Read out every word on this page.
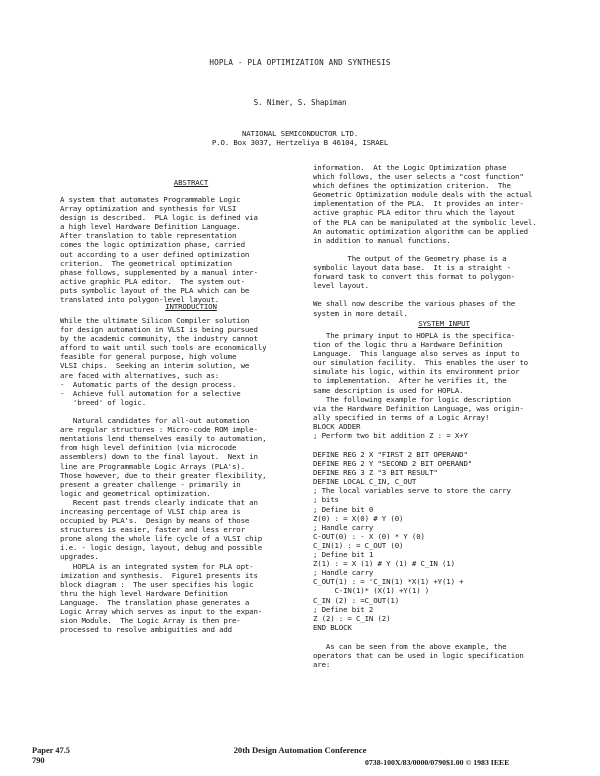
HOPLA - PLA OPTIMIZATION AND SYNTHESIS
S. Nimer, S. Shapiman
NATIONAL SEMICONDUCTOR LTD.
P.O. Box 3037, Hertzeliya B 46104, ISRAEL
ABSTRACT
A system that automates Programmable Logic
Array optimization and synthesis for VLSI
design is described.  PLA logic is defined via
a high level Hardware Definition Language.
After translation to table representation
comes the logic optimization phase, carried
out according to a user defined optimization
criterion.  The geometrical optimization
phase follows, supplemented by a manual inter-
active graphic PLA editor.  The system out-
puts symbolic layout of the PLA which can be
translated into polygon-level layout.
INTRODUCTION
While the ultimate Silicon Compiler solution
for design automation in VLSI is being pursued
by the academic community, the industry cannot
afford to wait until such tools are economically
feasible for general purpose, high volume
VLSI chips.  Seeking an interim solution, we
are faced with alternatives, such as:
-  Automatic parts of the design process.
-  Achieve full automation for a selective
'breed' of logic.

Natural candidates for all-out automation
are regular structures : Micro-code ROM imple-
mentations lend themselves easily to automation,
from high level definition (via microcode
assemblers) down to the final layout.  Next in
line are Programmable Logic Arrays (PLA's).
Those however, due to their greater flexibility,
present a greater challenge - primarily in
logic and geometrical optimization.
Recent past trends clearly indicate that an
increasing percentage of VLSI chip area is
occupied by PLA's.  Design by means of those
structures is easier, faster and less error
prone along the whole life cycle of a VLSI chip
i.e. - logic design, layout, debug and possible
upgrades.
HOPLA is an integrated system for PLA opt-
imization and synthesis.  Figure1 presents its
block diagram :  The user specifies his logic
thru the high level Hardware Definition
Language.  The translation phase generates a
Logic Array which serves as input to the expan-
sion Module.  The Logic Array is then pre-
processed to resolve ambiguities and add
information.  At the Logic Optimization phase
which follows, the user selects a "cost function"
which defines the optimization criterion.  The
Geometric Optimization module deals with the actual
implementation of the PLA.  It provides an inter-
active graphic PLA editor thru which the layout
of the PLA can be manipulated at the symbolic level.
An automatic optimization algorithm can be applied
in addition to manual functions.

The output of the Geometry phase is a
symbolic layout data base.  It is a straight -
forward task to convert this format to polygon-
level layout.

We shall now describe the various phases of the
system in more detail.
SYSTEM INPUT
The primary input to HOPLA is the specifica-
tion of the logic thru a Hardware Definition
Language.  This language also serves as input to
our simulation facility.  This enables the user to
simulate his logic, within its environment prior
to implementation.  After he verifies it, the
same description is used for HOPLA.
The following example for logic description
via the Hardware Definition Language, was origin-
ally specified in terms of a Logic Array!
BLOCK ADDER
; Perform two bit addition Z : = X+Y
DEFINE REG 2 X "FIRST 2 BIT OPERAND"
DEFINE REG 2 Y "SECOND 2 BIT OPERAND"
DEFINE REG 3 Z "3 BIT RESULT"
DEFINE LOCAL C_IN, C_OUT
; The local variables serve to store the carry
; bits
; Define bit 0
Z(0) : = X(0) # Y (0)
; Handle carry
C-OUT(0) : - X (0) * Y (0)
C_IN(1) : = C_OUT (0)
; Define bit 1
Z(1) : = X (1) # Y (1) # C_IN (1)
; Handle carry
C_OUT(1) : = 'C_IN(1) *X(1) +Y(1) +
C-IN(1)* (X(1) +Y(1) )
C_IN (2) : =C_OUT(1)
; Define bit 2
Z (2) : = C_IN (2)
END BLOCK
As can be seen from the above example, the
operators that can be used in logic specification
are:
20th Design Automation Conference
Paper 47.5
790	0738-100X/83/0000/0790$1.00 © 1983 IEEE
